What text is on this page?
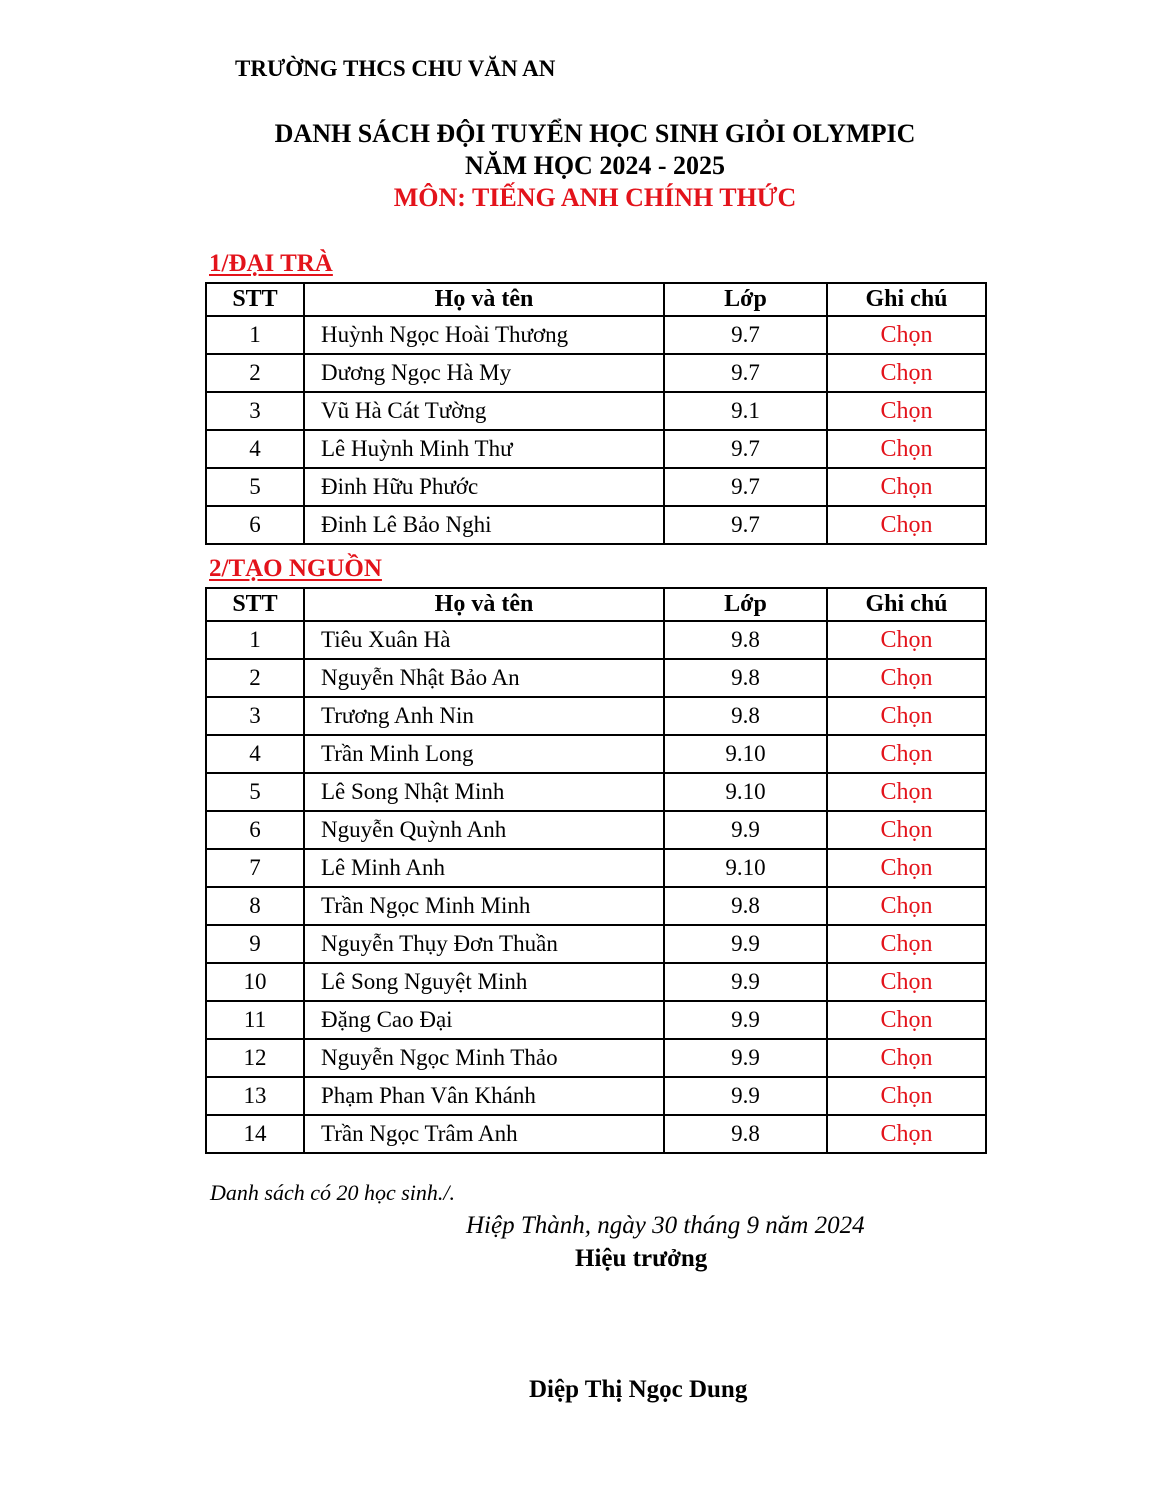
TRƯỜNG THCS CHU VĂN AN
DANH SÁCH ĐỘI TUYỂN HỌC SINH GIỎI OLYMPIC
NĂM HỌC 2024 - 2025
MÔN: TIẾNG ANH CHÍNH THỨC
1/ĐẠI TRÀ
STT	Họ và tên	Lớp	Ghi chú
1	Huỳnh Ngọc Hoài Thương	9.7	Chọn
2	Dương Ngọc Hà My	9.7	Chọn
3	Vũ Hà Cát Tường	9.1	Chọn
4	Lê Huỳnh Minh Thư	9.7	Chọn
5	Đinh Hữu Phước	9.7	Chọn
6	Đinh Lê Bảo Nghi	9.7	Chọn
2/TẠO NGUỒN
STT	Họ và tên	Lớp	Ghi chú
1	Tiêu Xuân Hà	9.8	Chọn
2	Nguyễn Nhật Bảo An	9.8	Chọn
3	Trương Anh Nin	9.8	Chọn
4	Trần Minh Long	9.10	Chọn
5	Lê Song Nhật Minh	9.10	Chọn
6	Nguyễn Quỳnh Anh	9.9	Chọn
7	Lê Minh Anh	9.10	Chọn
8	Trần Ngọc Minh Minh	9.8	Chọn
9	Nguyễn Thụy Đơn Thuần	9.9	Chọn
10	Lê Song Nguyệt Minh	9.9	Chọn
11	Đặng Cao Đại	9.9	Chọn
12	Nguyễn Ngọc Minh Thảo	9.9	Chọn
13	Phạm Phan Vân Khánh	9.9	Chọn
14	Trần Ngọc Trâm Anh	9.8	Chọn
Danh sách có 20 học sinh./.
Hiệp Thành, ngày 30 tháng 9 năm 2024
Hiệu trưởng
Diệp Thị Ngọc Dung
